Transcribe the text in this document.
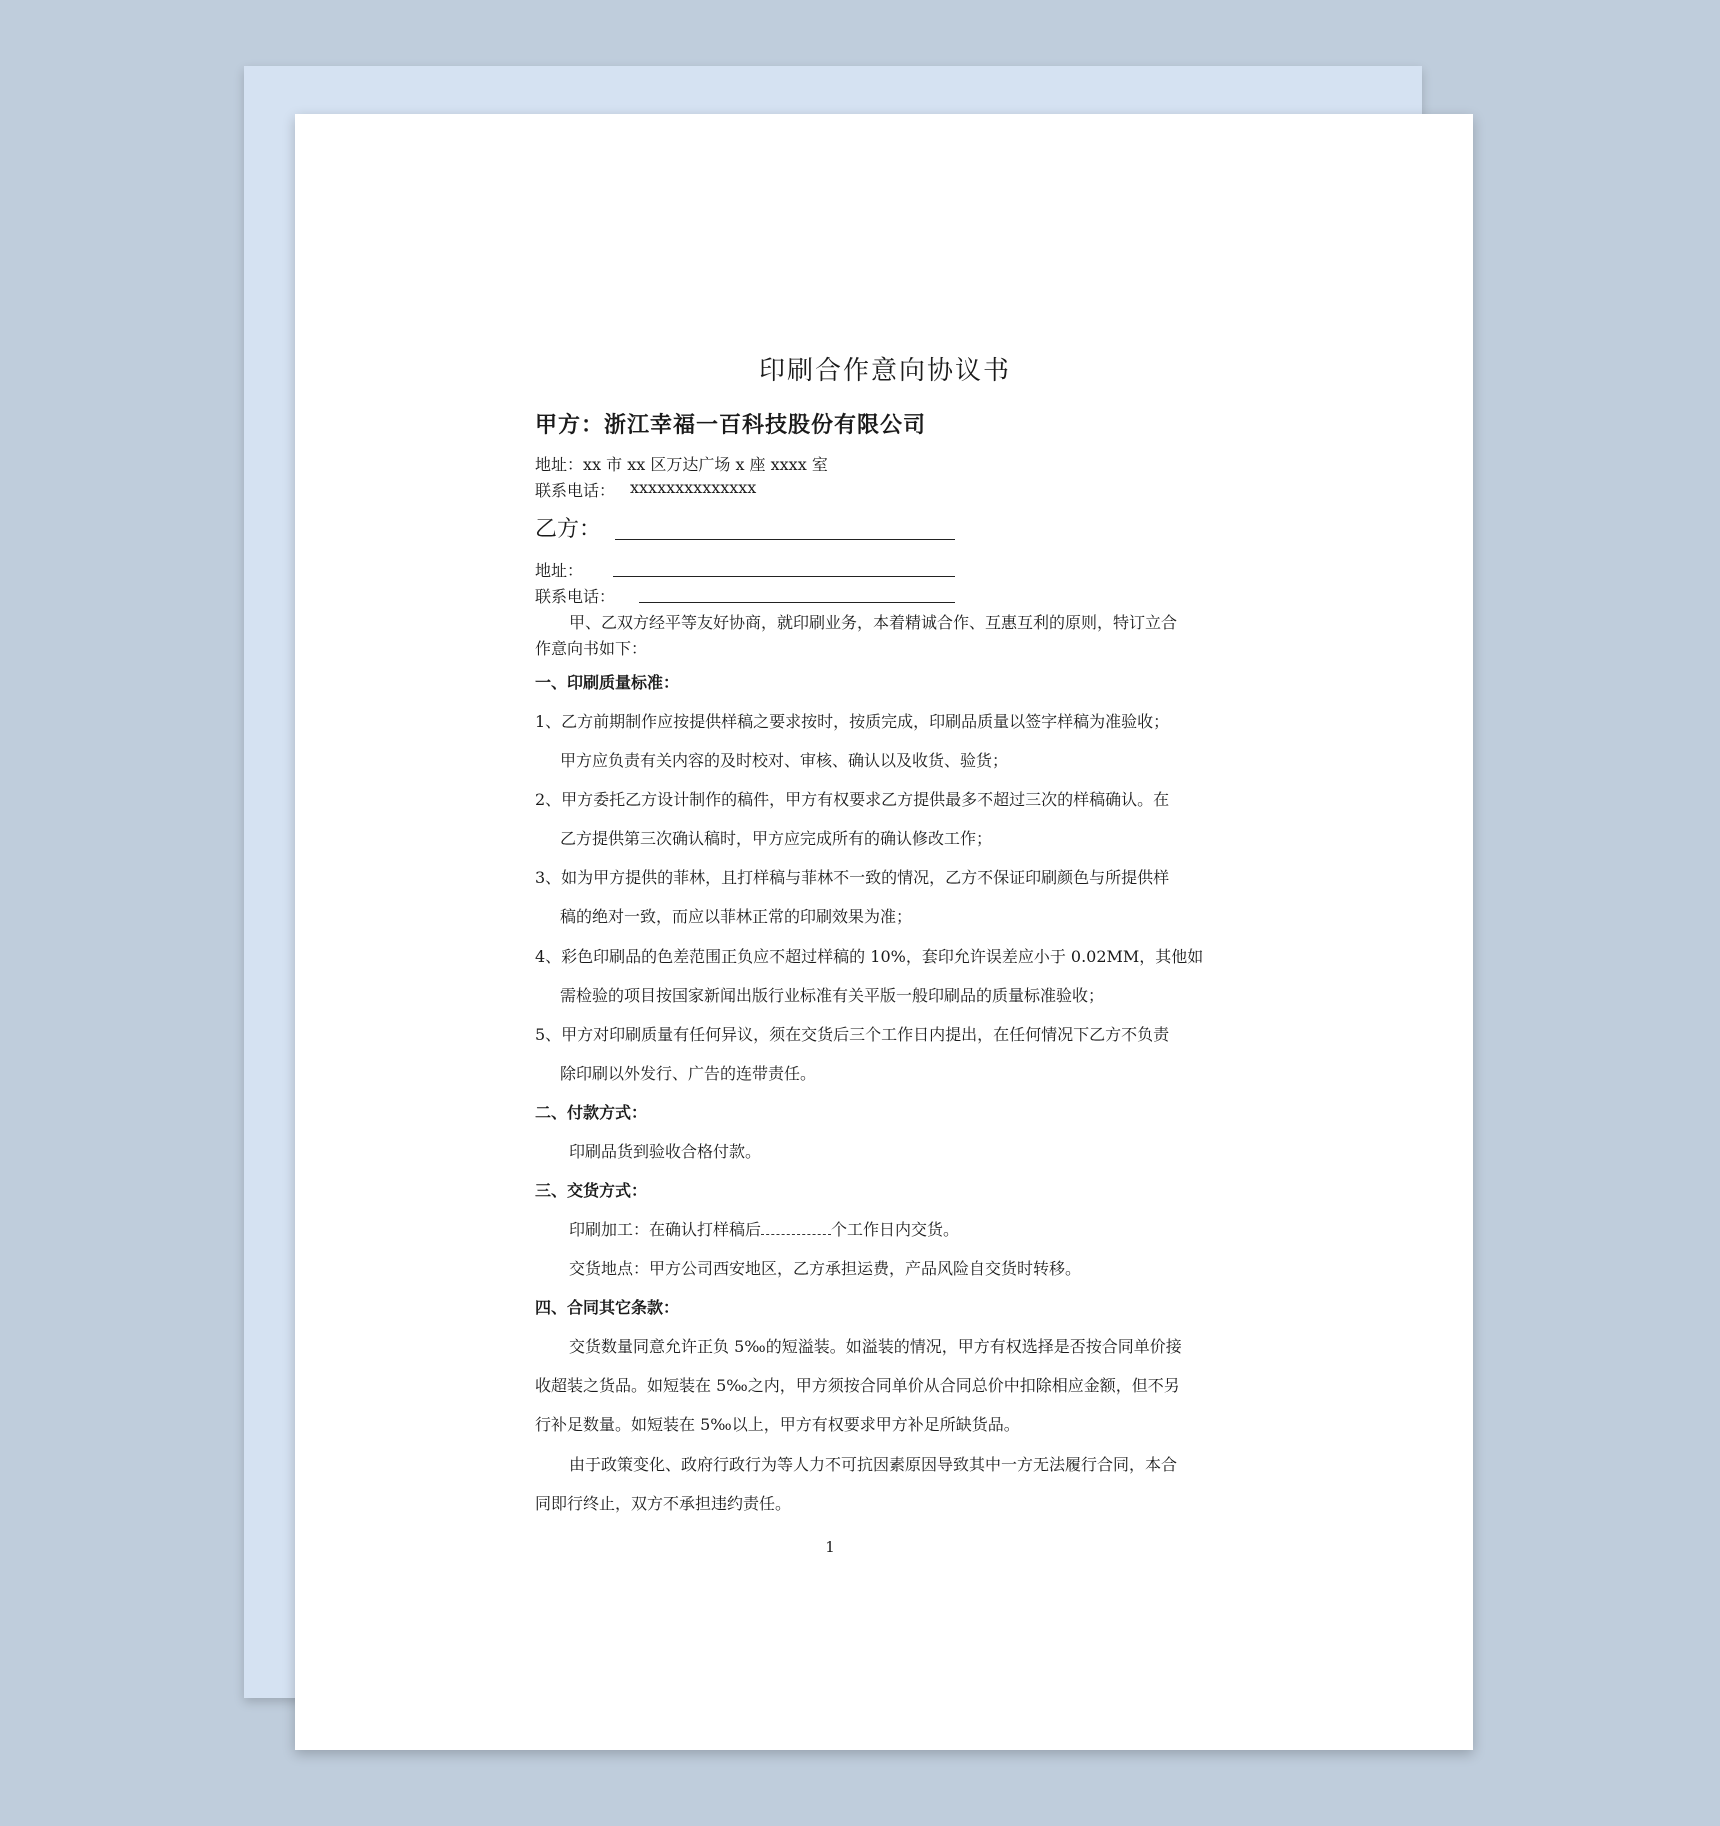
印刷合作意向协议书
甲方：浙江幸福一百科技股份有限公司
地址：xx 市 xx 区万达广场 x 座 xxxx 室
联系电话： xxxxxxxxxxxxxx
乙方：
地址：
联系电话：
甲、乙双方经平等友好协商，就印刷业务，本着精诚合作、互惠互利的原则，特订立合
作意向书如下：
一、印刷质量标准：
1、乙方前期制作应按提供样稿之要求按时，按质完成，印刷品质量以签字样稿为准验收；
甲方应负责有关内容的及时校对、审核、确认以及收货、验货；
2、甲方委托乙方设计制作的稿件，甲方有权要求乙方提供最多不超过三次的样稿确认。在
乙方提供第三次确认稿时，甲方应完成所有的确认修改工作；
3、如为甲方提供的菲林，且打样稿与菲林不一致的情况，乙方不保证印刷颜色与所提供样
稿的绝对一致，而应以菲林正常的印刷效果为准；
4、彩色印刷品的色差范围正负应不超过样稿的 10%，套印允许误差应小于 0.02MM，其他如
需检验的项目按国家新闻出版行业标准有关平版一般印刷品的质量标准验收；
5、甲方对印刷质量有任何异议，须在交货后三个工作日内提出，在任何情况下乙方不负责
除印刷以外发行、广告的连带责任。
二、付款方式：
印刷品货到验收合格付款。
三、交货方式：
印刷加工：在确认打样稿后	个工作日内交货。
交货地点：甲方公司西安地区，乙方承担运费，产品风险自交货时转移。
四、合同其它条款：
交货数量同意允许正负 5‰的短溢装。如溢装的情况，甲方有权选择是否按合同单价接
收超装之货品。如短装在 5‰之内，甲方须按合同单价从合同总价中扣除相应金额，但不另
行补足数量。如短装在 5‰以上，甲方有权要求甲方补足所缺货品。
由于政策变化、政府行政行为等人力不可抗因素原因导致其中一方无法履行合同，本合
同即行终止，双方不承担违约责任。
1
